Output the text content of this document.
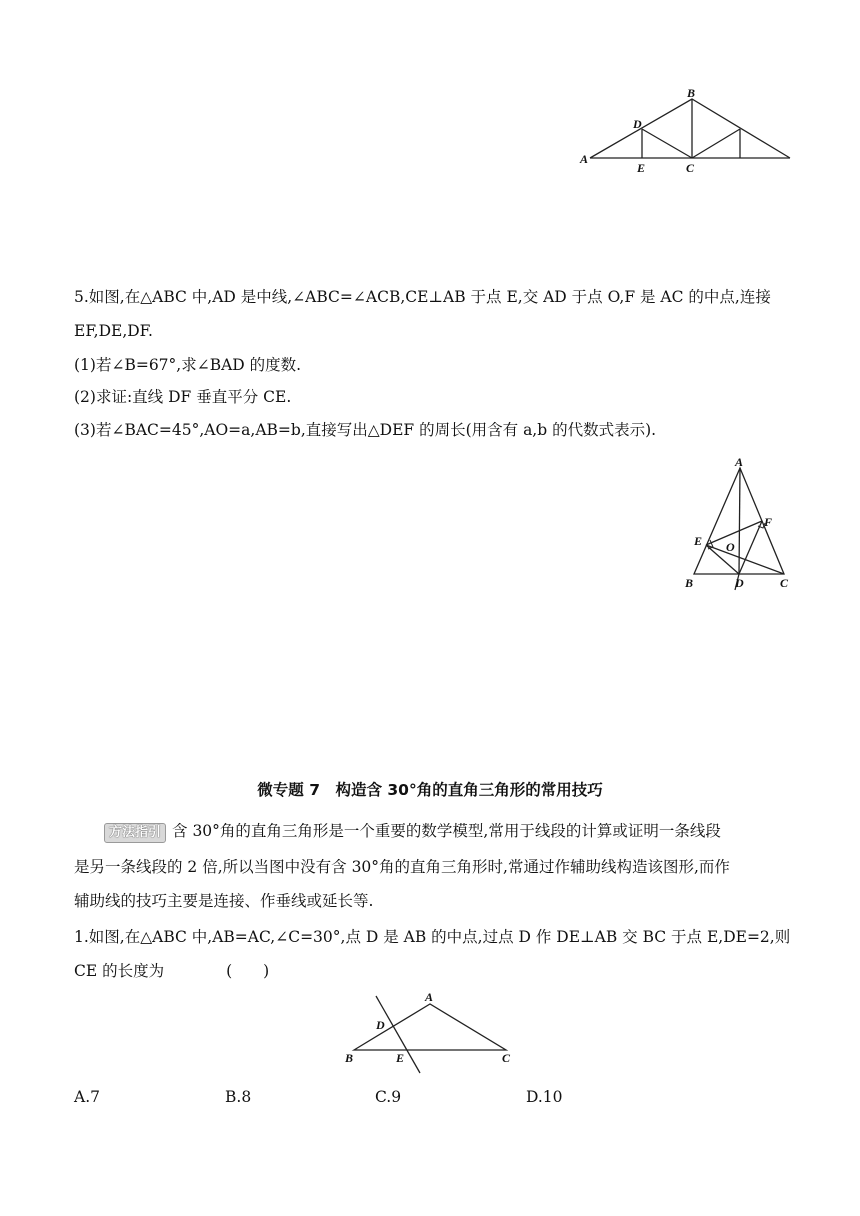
A
B
C
D
E
5.如图,在△ABC 中,AD 是中线,∠ABC=∠ACB,CE⊥AB 于点 E,交 AD 于点 O,F 是 AC 的中点,连接
EF,DE,DF.
(1)若∠B=67°,求∠BAD 的度数.
(2)求证:直线 DF 垂直平分 CE.
(3)若∠BAC=45°,AO=a,AB=b,直接写出△DEF 的周长(用含有 a,b 的代数式表示).
A
B	C
D
E
F
O
微专题 7　构造含 30°角的直角三角形的常用技巧
方法指引 含 30°角的直角三角形是一个重要的数学模型,常用于线段的计算或证明一条线段
是另一条线段的 2 倍,所以当图中没有含 30°角的直角三角形时,常通过作辅助线构造该图形,而作
辅助线的技巧主要是连接、作垂线或延长等.
1.如图,在△ABC 中,AB=AC,∠C=30°,点 D 是 AB 的中点,过点 D 作 DE⊥AB 交 BC 于点 E,DE=2,则
CE 的长度为　　　　(　　)
A
B	C
D
E
A.7	B.8	C.9	D.10
